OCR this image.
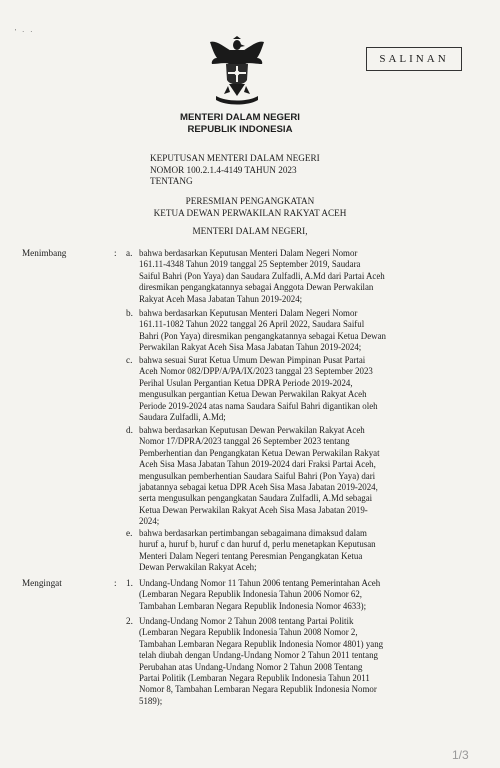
' · ·
SALINAN
MENTERI DALAM NEGERI
REPUBLIK INDONESIA
KEPUTUSAN MENTERI DALAM NEGERI
NOMOR 100.2.1.4-4149 TAHUN 2023
TENTANG
PERESMIAN PENGANGKATAN
KETUA DEWAN PERWAKILAN RAKYAT ACEH
MENTERI DALAM NEGERI,
Menimbang	: a. bahwa berdasarkan Keputusan Menteri Dalam Negeri Nomor
161.11-4348 Tahun 2019 tanggal 25 September 2019, Saudara
Saiful Bahri (Pon Yaya) dan Saudara Zulfadli, A.Md dari Partai Aceh
diresmikan pengangkatannya sebagai Anggota Dewan Perwakilan
Rakyat Aceh Masa Jabatan Tahun 2019-2024;
b. bahwa berdasarkan Keputusan Menteri Dalam Negeri Nomor
161.11-1082 Tahun 2022 tanggal 26 April 2022, Saudara Saiful
Bahri (Pon Yaya) diresmikan pengangkatannya sebagai Ketua Dewan
Perwakilan Rakyat Aceh Sisa Masa Jabatan Tahun 2019-2024;
c. bahwa sesuai Surat Ketua Umum Dewan Pimpinan Pusat Partai
Aceh Nomor 082/DPP/A/PA/IX/2023 tanggal 23 September 2023
Perihal Usulan Pergantian Ketua DPRA Periode 2019-2024,
mengusulkan pergantian Ketua Dewan Perwakilan Rakyat Aceh
Periode 2019-2024 atas nama Saudara Saiful Bahri digantikan oleh
Saudara Zulfadli, A.Md;
d. bahwa berdasarkan Keputusan Dewan Perwakilan Rakyat Aceh
Nomor 17/DPRA/2023 tanggal 26 September 2023 tentang
Pemberhentian dan Pengangkatan Ketua Dewan Perwakilan Rakyat
Aceh Sisa Masa Jabatan Tahun 2019-2024 dari Fraksi Partai Aceh,
mengusulkan pemberhentian Saudara Saiful Bahri (Pon Yaya) dari
jabatannya sebagai ketua DPR Aceh Sisa Masa Jabatan 2019-2024,
serta mengusulkan pengangkatan Saudara Zulfadli, A.Md sebagai
Ketua Dewan Perwakilan Rakyat Aceh Sisa Masa Jabatan 2019-
2024;
e. bahwa berdasarkan pertimbangan sebagaimana dimaksud dalam
huruf a, huruf b, huruf c dan huruf d, perlu menetapkan Keputusan
Menteri Dalam Negeri tentang Peresmian Pengangkatan Ketua
Dewan Perwakilan Rakyat Aceh;
Mengingat	: 1. Undang-Undang Nomor 11 Tahun 2006 tentang Pemerintahan Aceh
(Lembaran Negara Republik Indonesia Tahun 2006 Nomor 62,
Tambahan Lembaran Negara Republik Indonesia Nomor 4633);
2. Undang-Undang Nomor 2 Tahun 2008 tentang Partai Politik
(Lembaran Negara Republik Indonesia Tahun 2008 Nomor 2,
Tambahan Lembaran Negara Republik Indonesia Nomor 4801) yang
telah diubah dengan Undang-Undang Nomor 2 Tahun 2011 tentang
Perubahan atas Undang-Undang Nomor 2 Tahun 2008 Tentang
Partai Politik (Lembaran Negara Republik Indonesia Tahun 2011
Nomor 8, Tambahan Lembaran Negara Republik Indonesia Nomor
5189);
1/3
